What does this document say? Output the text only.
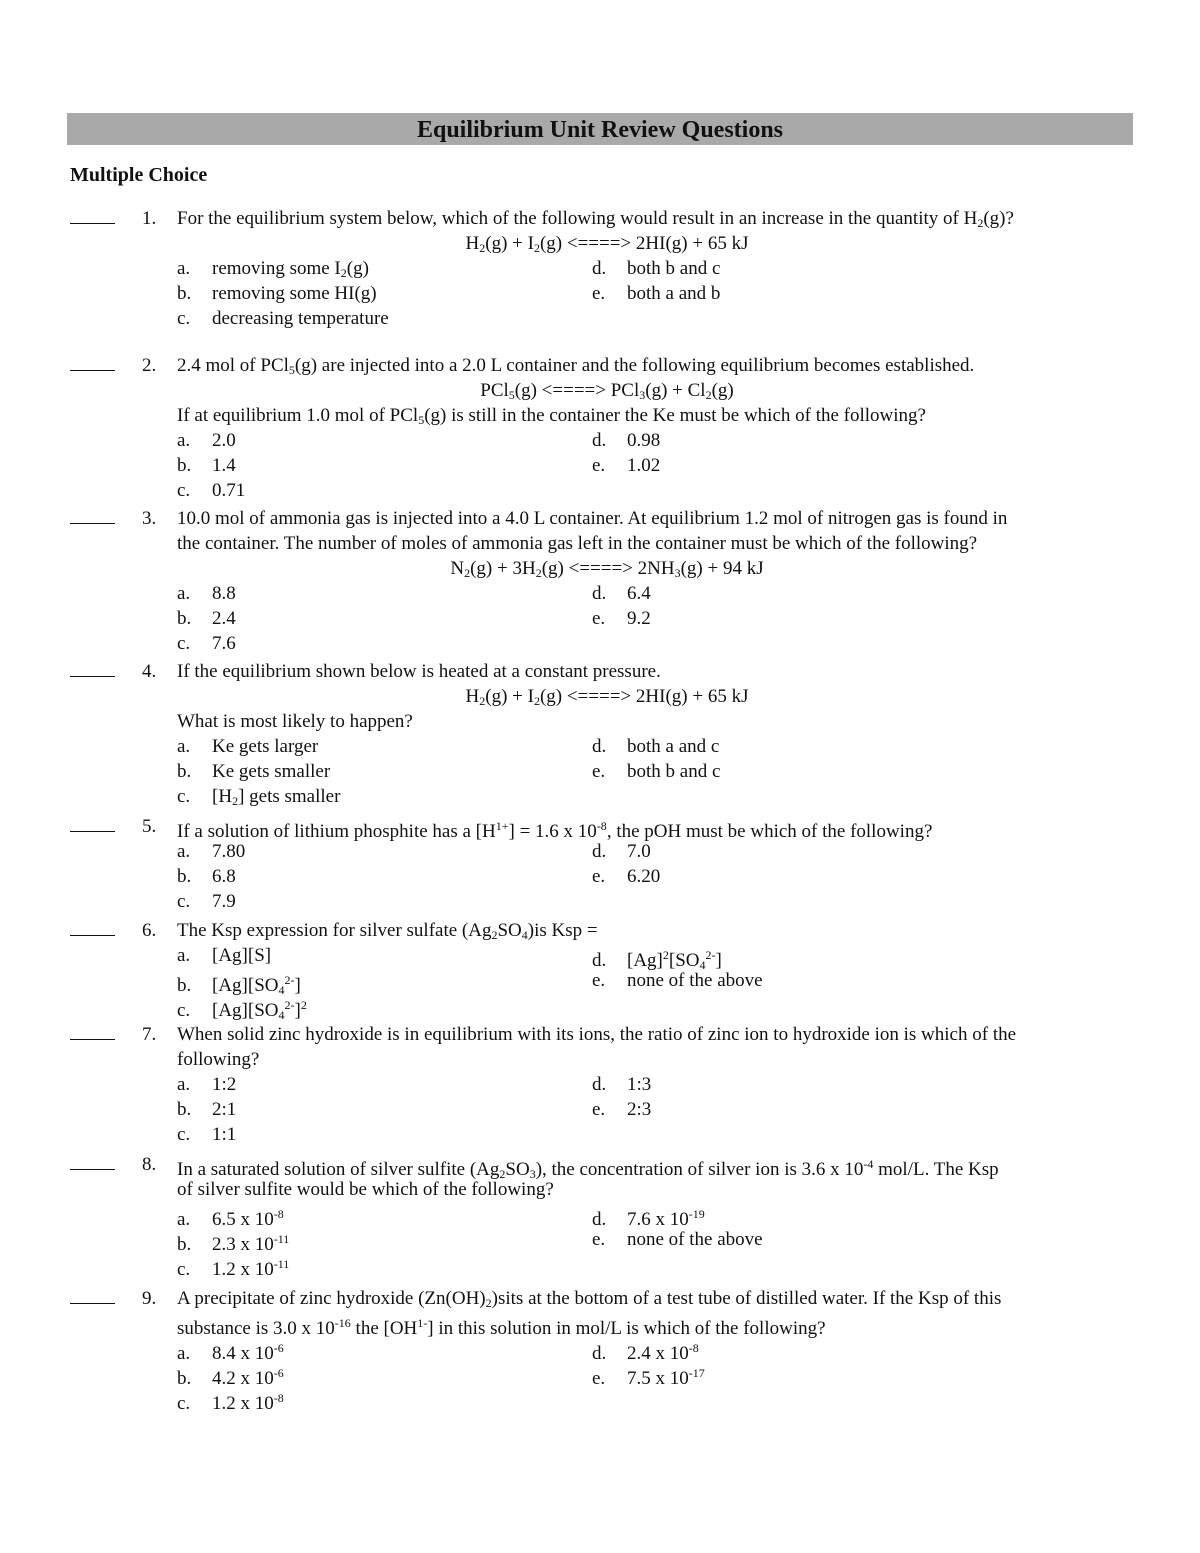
Equilibrium Unit Review Questions
Multiple Choice
1. For the equilibrium system below, which of the following would result in an increase in the quantity of $H_2(g)$?
$H_2(g) + I_2(g)$ <====> 2HI(g) + 65 kJ
a. removing some $I_2(g)$	d. both b and c
b. removing some HI(g)	e. both a and b
c. decreasing temperature
2. 2.4 mol of PCl$_5$(g) are injected into a 2.0 L container and the following equilibrium becomes established.
PCl$_5$(g) <====> $PCl_3(g) + Cl_2(g)$
If at equilibrium 1.0 mol of PCl$_5$(g) is still in the container the Ke must be which of the following?
a. 2.0	d. 0.98
b. 1.4	e. 1.02
c. 0.71
3. 10.0 mol of ammonia gas is injected into a 4.0 L container. At equilibrium 1.2 mol of nitrogen gas is found in
the container. The number of moles of ammonia gas left in the container must be which of the following?
$N_2(g) + 3H_2(g)$ <====> $2NH_3(g) + 94$ kJ
a. 8.8	d. 6.4
b. 2.4	e. 9.2
c. 7.6
4. If the equilibrium shown below is heated at a constant pressure.
$H_2(g) + I_2(g)$ <====> 2HI(g) + 65 kJ
What is most likely to happen?
a. Ke gets larger	d. both a and c
b. Ke gets smaller	e. both b and c
c. $[H_2]$ gets smaller
5. If a solution of lithium phosphite has a $[H^{1+}] = 1.6$ x $10^{-8}$, the pOH must be which of the following?
a. 7.80	d. 7.0
b. 6.8	e. 6.20
c. 7.9
6. The Ksp expression for silver sulfate $(Ag_2SO_4)is$ Ksp =
a. [Ag][S]	d. $[Ag]^2[SO_4^{2-}]$
b. $[Ag][SO_4^{2-}]$	e. none of the above
c. $[Ag][SO_4^{2-}]^2$
7. When solid zinc hydroxide is in equilibrium with its ions, the ratio of zinc ion to hydroxide ion is which of the
following?
a. 1:2	d. 1:3
b. 2:1	e. 2:3
c. 1:1
8. In a saturated solution of silver sulfite $(Ag_2SO_3)$, the concentration of silver ion is 3.6 x $10^{-4}$ mol/L. The Ksp
of silver sulfite would be which of the following?
a. 6.5 x $10^{-8}$	d. 7.6 x $10^{-19}$
b. 2.3 x $10^{-11}$	e. none of the above
c. 1.2 x $10^{-11}$
9. A precipitate of zinc hydroxide $(Zn(OH)_2)sits$ at the bottom of a test tube of distilled water. If the Ksp of this
substance is 3.0 x $10^{-16}$ the $[OH^{1-}]$ in this solution in mol/L is which of the following?
a. 8.4 x $10^{-6}$	d. 2.4 x $10^{-8}$
b. 4.2 x $10^{-6}$	e. 7.5 x $10^{-17}$
c. 1.2 x $10^{-8}$
